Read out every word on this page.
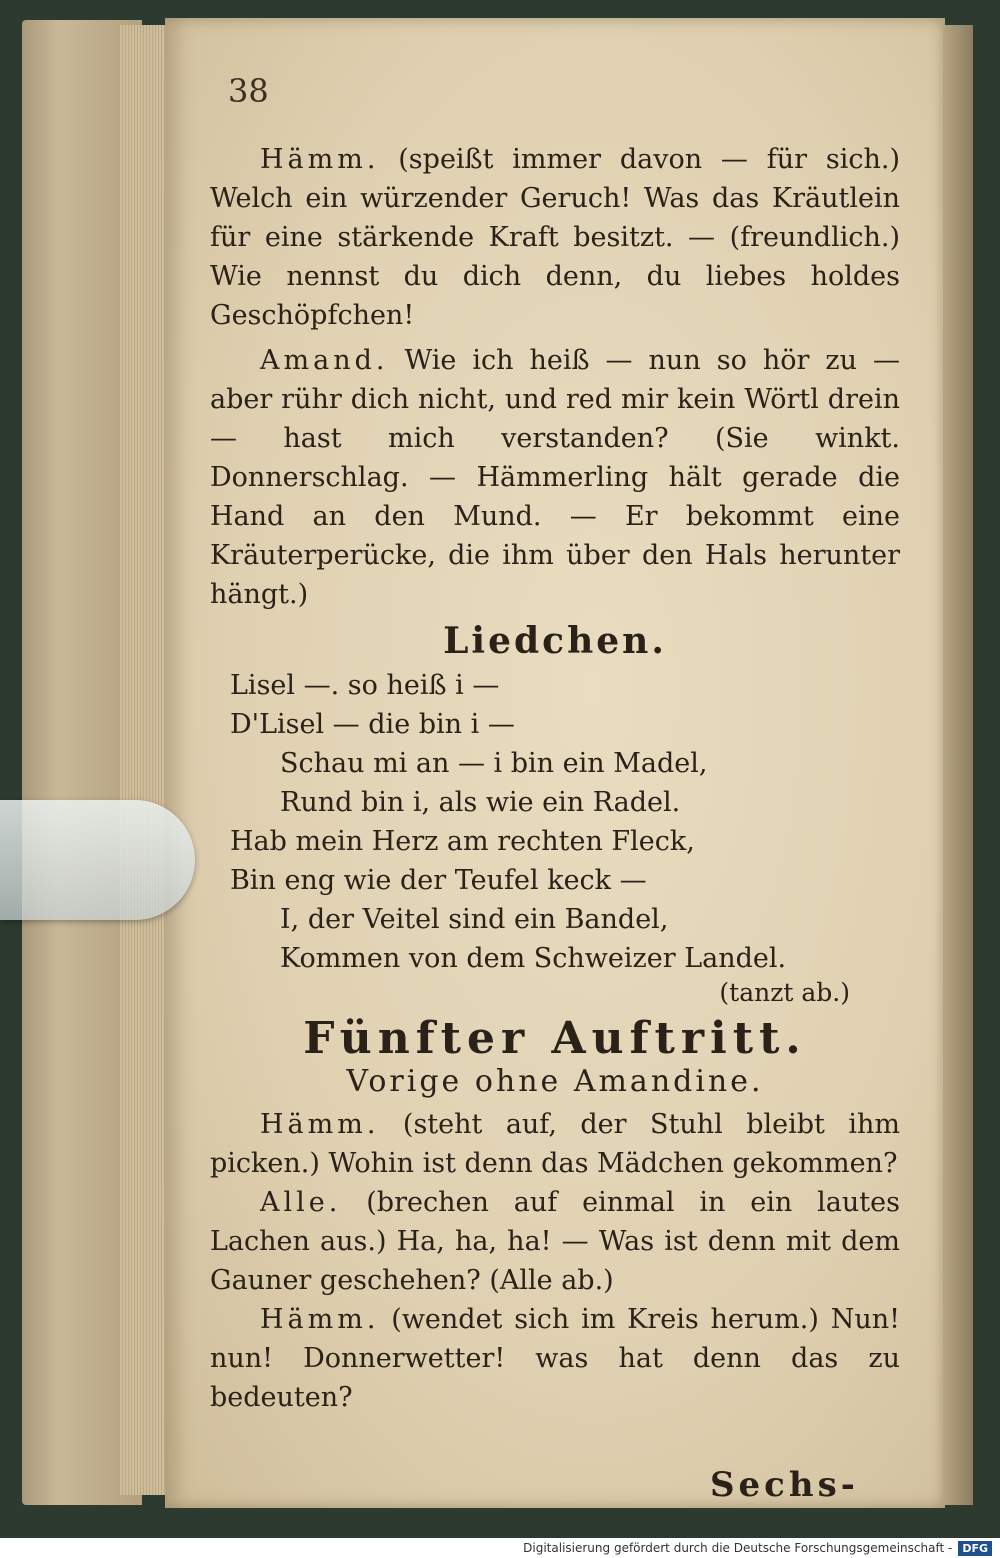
38

Hämm. (speißt immer davon — für sich.) Welch ein würzender Geruch! Was das Kräutlein für eine stärkende Kraft besitzt. — (freundlich.) Wie nennst du dich denn, du liebes holdes Geschöpfchen!

Amand. Wie ich heiß — nun so hör zu — aber rühr dich nicht, und red mir kein Wörtl drein — hast mich verstanden? (Sie winkt. Donnerschlag. — Hämmerling hält gerade die Hand an den Mund. — Er bekommt eine Kräuterperücke, die ihm über den Hals herunter hängt.)

Liedchen.
Lisel —. so heiß i —
D'Lisel — die bin i —
Schau mi an — i bin ein Madel,
Rund bin i, als wie ein Radel.
Hab mein Herz am rechten Fleck,
Bin eng wie der Teufel keck —
I, der Veitel sind ein Bandel,
Kommen von dem Schweizer Landel.
(tanzt ab.)
Fünfter Auftritt.
Vorige ohne Amandine.

Hämm. (steht auf, der Stuhl bleibt ihm picken.) Wohin ist denn das Mädchen gekommen?

Alle. (brechen auf einmal in ein lautes Lachen aus.) Ha, ha, ha! — Was ist denn mit dem Gauner geschehen? (Alle ab.)

Hämm. (wendet sich im Kreis herum.) Nun! nun! Donnerwetter! was hat denn das zu bedeuten?

Sechs-
Digitalisierung gefördert durch die Deutsche Forschungsgemeinschaft - DFG
